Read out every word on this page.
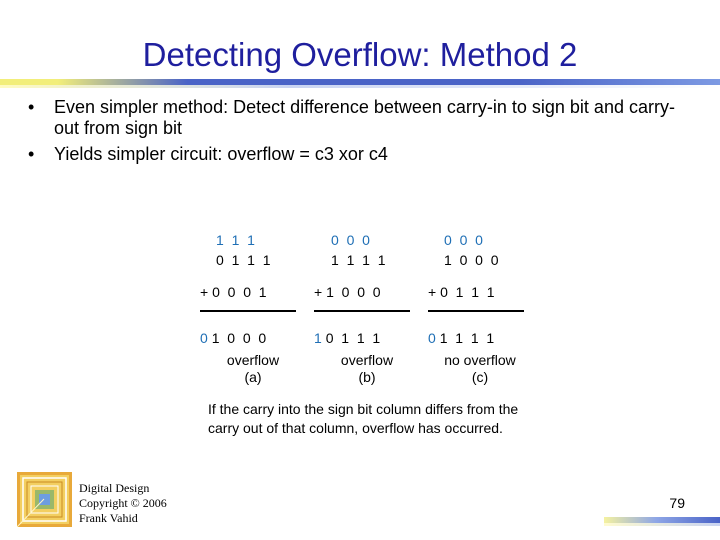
Detecting Overflow: Method 2
• Even simpler method: Detect difference between carry-in to sign bit and carry-out from sign bit
• Yields simpler circuit: overflow = c3 xor c4
1  1  1
0  1  1  1
+ 0  0  0  1
0 1  0  0  0
overflow
(a)
0  0  0
1  1  1  1
+ 1  0  0  0
1 0  1  1  1
overflow
(b)
0  0  0
1  0  0  0
+ 0  1  1  1
0 1  1  1  1
no overflow
(c)
If the carry into the sign bit column differs from the
carry out of that column, overflow has occurred.
Digital Design
Copyright © 2006
Frank Vahid
79
